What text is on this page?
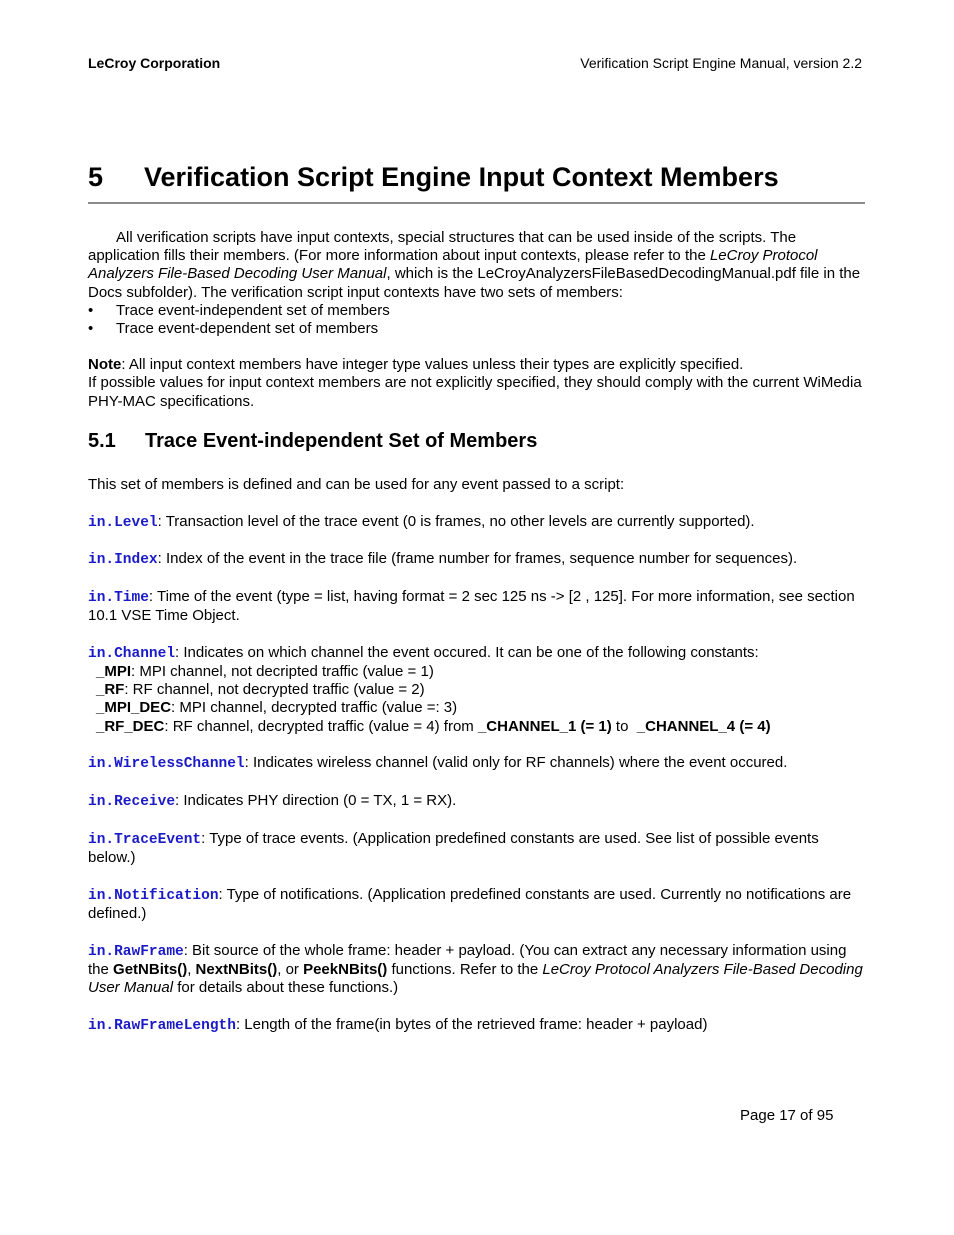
LeCroy Corporation	Verification Script Engine Manual, version 2.2
5 Verification Script Engine Input Context Members

All verification scripts have input contexts, special structures that can be used inside of the scripts. The application fills their members. (For more information about input contexts, please refer to the LeCroy Protocol Analyzers File-Based Decoding User Manual, which is the LeCroyAnalyzersFileBasedDecodingManual.pdf file in the Docs subfolder). The verification script input contexts have two sets of members:

• Trace event-independent set of members
• Trace event-dependent set of members

Note: All input context members have integer type values unless their types are explicitly specified.

If possible values for input context members are not explicitly specified, they should comply with the current WiMedia PHY-MAC specifications.

5.1 Trace Event-independent Set of Members

This set of members is defined and can be used for any event passed to a script:

in.Level: Transaction level of the trace event (0 is frames, no other levels are currently supported).

in.Index: Index of the event in the trace file (frame number for frames, sequence number for sequences).

in.Time: Time of the event (type = list, having format = 2 sec 125 ns -> [2 , 125]. For more information, see section 10.1 VSE Time Object.

in.Channel: Indicates on which channel the event occured. It can be one of the following constants:

_MPI: MPI channel, not decripted traffic (value = 1)

_RF: RF channel, not decrypted traffic (value = 2)

_MPI_DEC: MPI channel, decrypted traffic (value =: 3)

_RF_DEC: RF channel, decrypted traffic (value = 4) from _CHANNEL_1 (= 1) to  _CHANNEL_4 (= 4)

in.WirelessChannel: Indicates wireless channel (valid only for RF channels) where the event occured.

in.Receive: Indicates PHY direction (0 = TX, 1 = RX).

in.TraceEvent: Type of trace events. (Application predefined constants are used. See list of possible events below.)

in.Notification: Type of notifications. (Application predefined constants are used. Currently no notifications are defined.)

in.RawFrame: Bit source of the whole frame: header + payload. (You can extract any necessary information using the GetNBits(), NextNBits(), or PeekNBits() functions. Refer to the LeCroy Protocol Analyzers File-Based Decoding User Manual for details about these functions.)

in.RawFrameLength: Length of the frame(in bytes of the retrieved frame: header + payload)

Page 17 of 95
